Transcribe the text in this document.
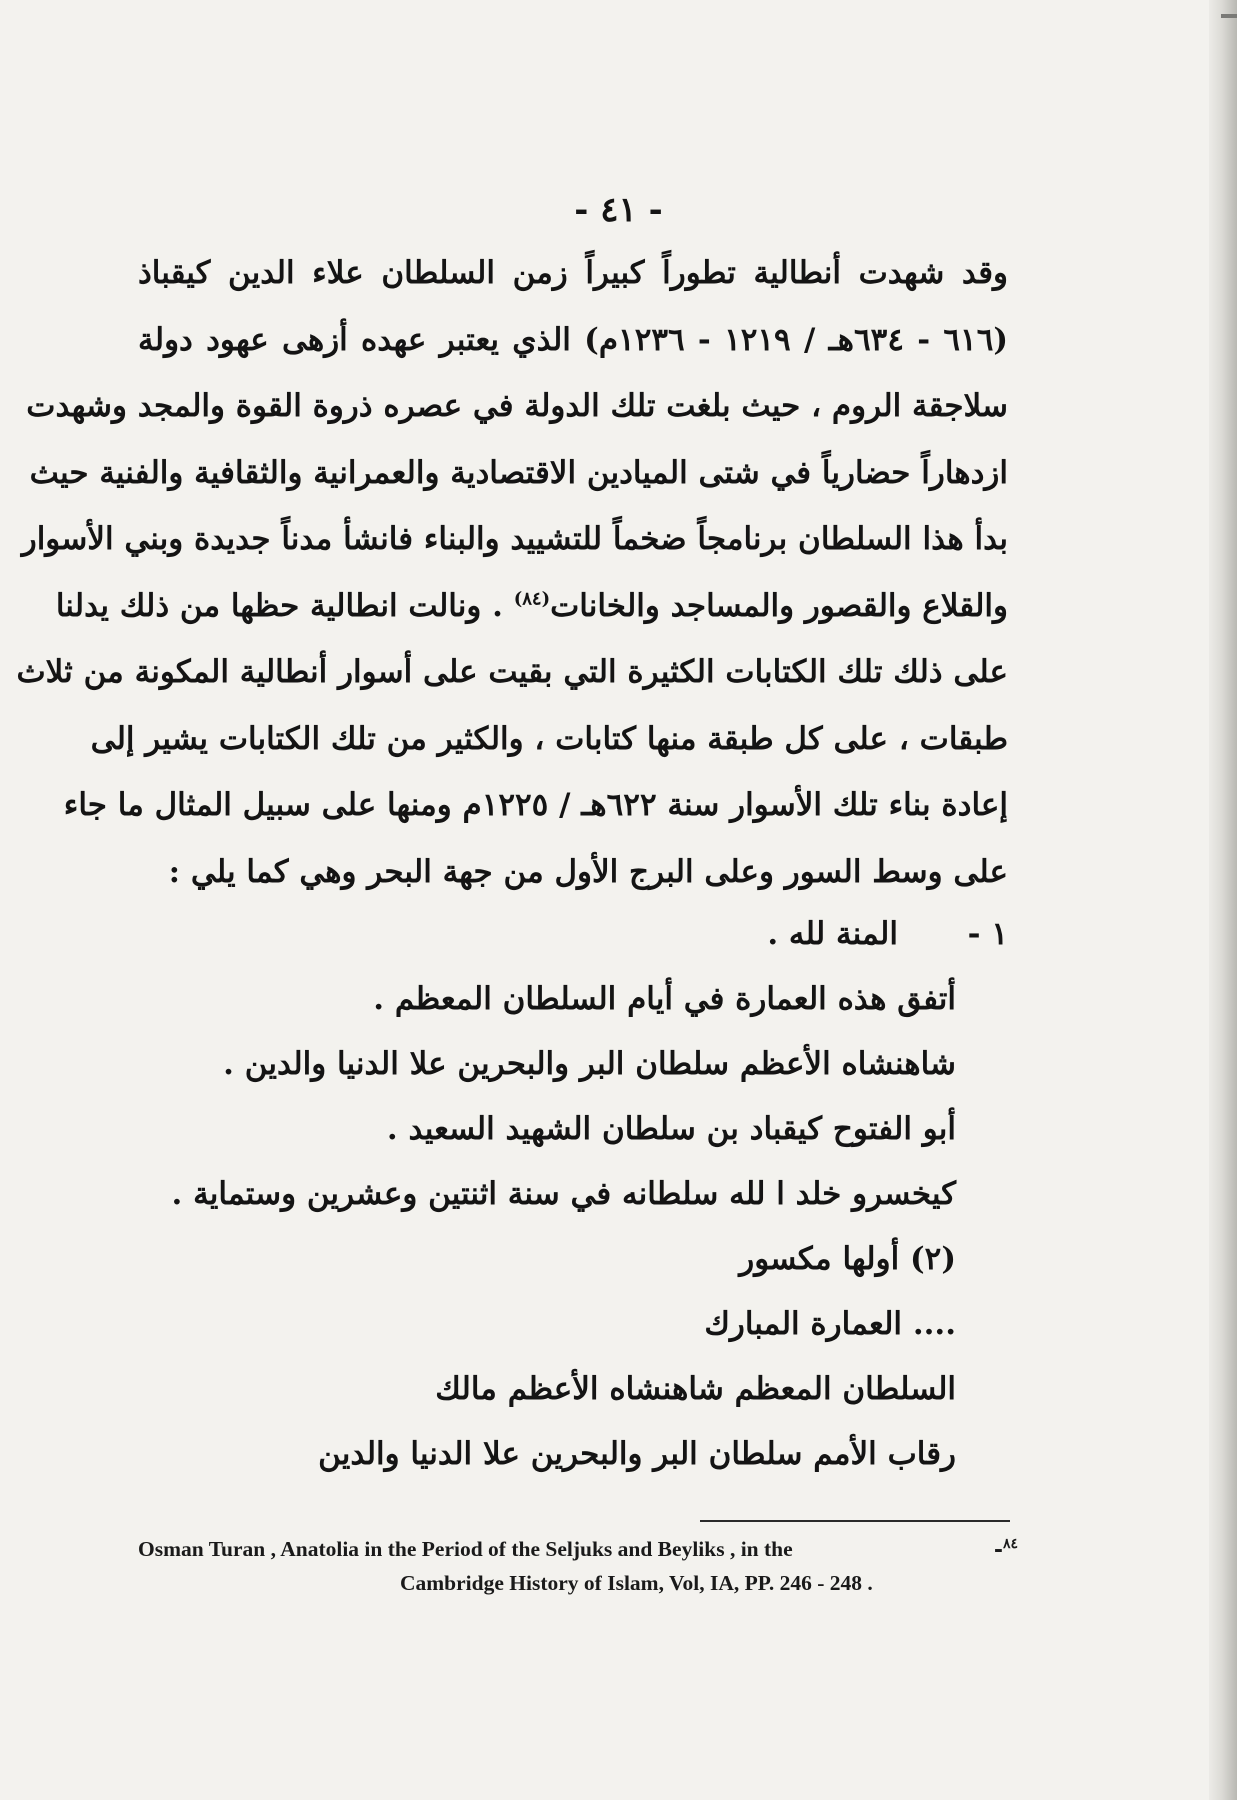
- ٤١ -
وقد شهدت أنطالية تطوراً كبيراً زمن السلطان علاء الدين كيقباذ
(٦١٦ - ٦٣٤هـ / ١٢١٩ - ١٢٣٦م) الذي يعتبر عهده أزهى عهود دولة
سلاجقة الروم ، حيث بلغت تلك الدولة في عصره ذروة القوة والمجد وشهدت
ازدهاراً حضارياً في شتى الميادين الاقتصادية والعمرانية والثقافية والفنية حيث
بدأ هذا السلطان برنامجاً ضخماً للتشييد والبناء فانشأ مدناً جديدة وبني الأسوار
والقلاع والقصور والمساجد والخانات$^{(٨٤)}$ . ونالت انطالية حظها من ذلك يدلنا
على ذلك تلك الكتابات الكثيرة التي بقيت على أسوار أنطالية المكونة من ثلاث
طبقات ، على كل طبقة منها كتابات ، والكثير من تلك الكتابات يشير إلى
إعادة بناء تلك الأسوار سنة ٦٢٢هـ / ١٢٢٥م ومنها على سبيل المثال ما جاء
على وسط السور وعلى البرج الأول من جهة البحر وهي كما يلي :
١ -
المنة لله .
أتفق هذه العمارة في أيام السلطان المعظم .
شاهنشاه الأعظم سلطان البر والبحرين علا الدنيا والدين .
أبو الفتوح كيقباد بن سلطان الشهيد السعيد .
كيخسرو خلد ا لله سلطانه في سنة اثنتين وعشرين وستماية .
(٢) أولها مكسور
.... العمارة المبارك
السلطان المعظم شاهنشاه الأعظم مالك
رقاب الأمم سلطان البر والبحرين علا الدنيا والدين
Osman Turan , Anatolia in the Period of the Seljuks and Beyliks , in the	$^{٨٤}$-
Cambridge History of Islam, Vol, IA, PP. 246 - 248 .
